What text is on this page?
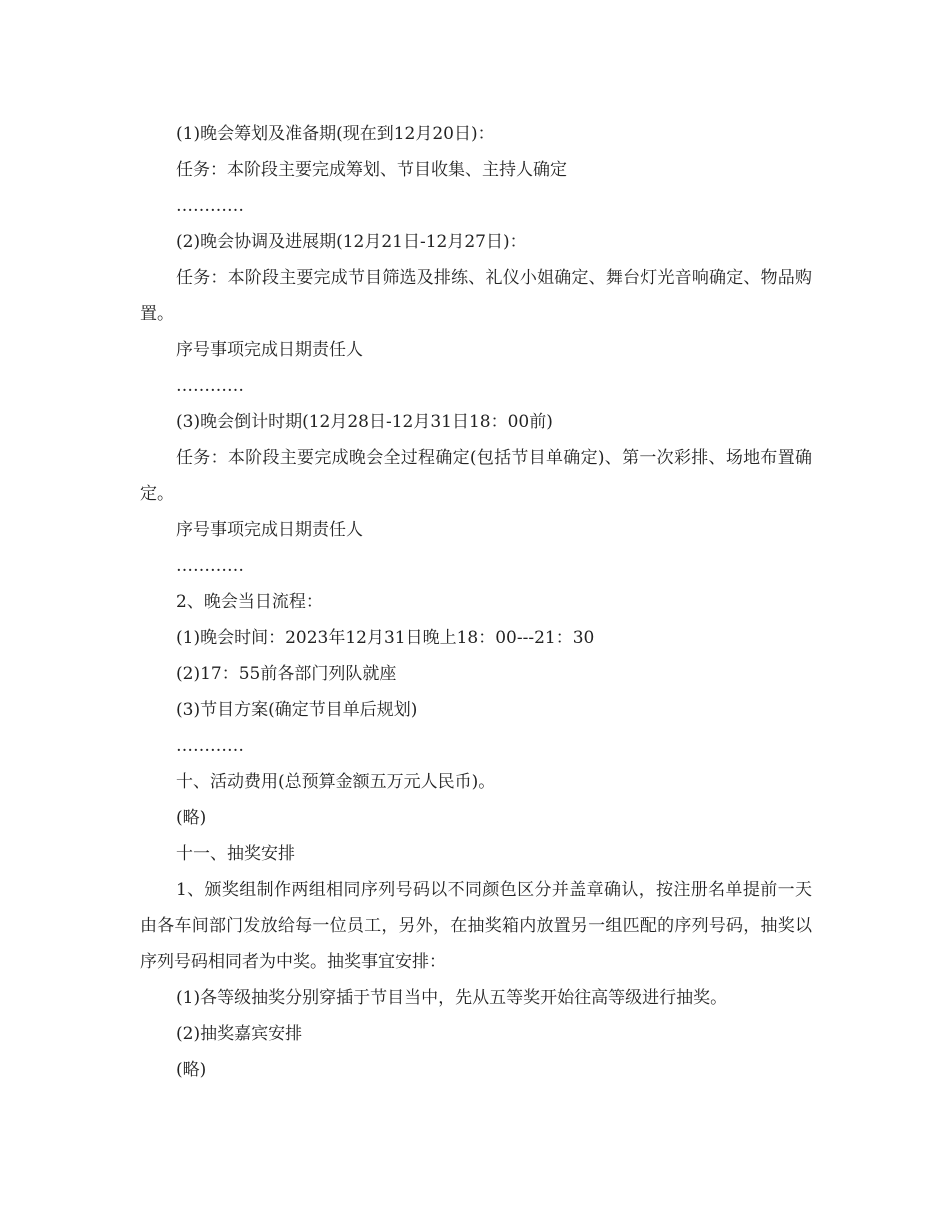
(1)晚会筹划及准备期(现在到12月20日)：

任务：本阶段主要完成筹划、节目收集、主持人确定

…………

(2)晚会协调及进展期(12月21日-12月27日)：

任务：本阶段主要完成节目筛选及排练、礼仪小姐确定、舞台灯光音响确定、物品购置。

序号事项完成日期责任人

…………

(3)晚会倒计时期(12月28日-12月31日18：00前)

任务：本阶段主要完成晚会全过程确定(包括节目单确定)、第一次彩排、场地布置确定。

序号事项完成日期责任人

…………

2、晚会当日流程：

(1)晚会时间：2023年12月31日晚上18：00---21：30

(2)17：55前各部门列队就座

(3)节目方案(确定节目单后规划)

…………

十、活动费用(总预算金额五万元人民币)。

(略)

十一、抽奖安排

1、颁奖组制作两组相同序列号码以不同颜色区分并盖章确认，按注册名单提前一天由各车间部门发放给每一位员工，另外，在抽奖箱内放置另一组匹配的序列号码，抽奖以序列号码相同者为中奖。抽奖事宜安排：

(1)各等级抽奖分别穿插于节目当中，先从五等奖开始往高等级进行抽奖。

(2)抽奖嘉宾安排

(略)
